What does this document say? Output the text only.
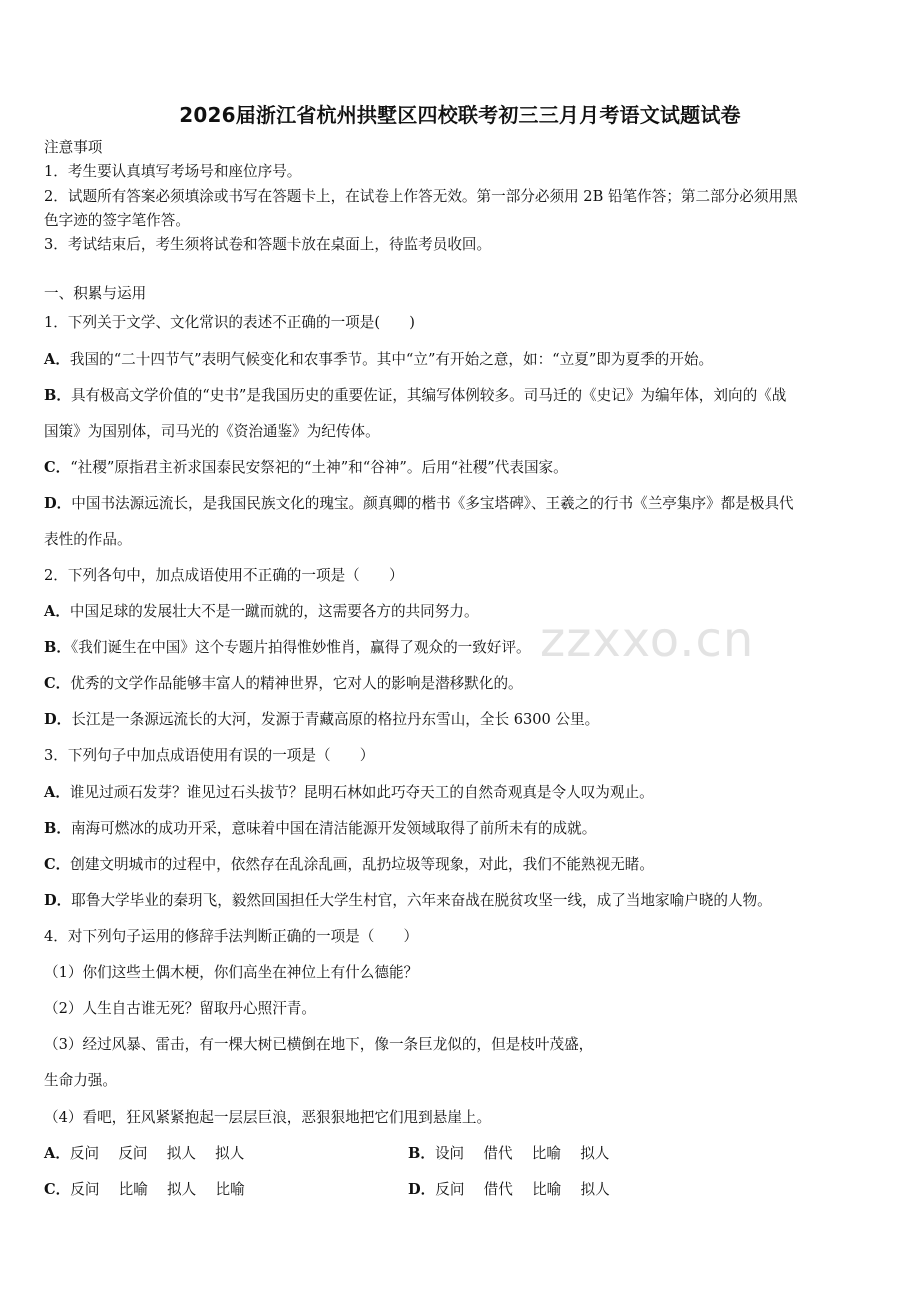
2026届浙江省杭州拱墅区四校联考初三三月月考语文试题试卷
注意事项
1．考生要认真填写考场号和座位序号。
2．试题所有答案必须填涂或书写在答题卡上，在试卷上作答无效。第一部分必须用 2B 铅笔作答；第二部分必须用黑
色字迹的签字笔作答。
3．考试结束后，考生须将试卷和答题卡放在桌面上，待监考员收回。
一、积累与运用
1．下列关于文学、文化常识的表述不正确的一项是(　　)
A．我国的“二十四节气”表明气候变化和农事季节。其中“立”有开始之意，如：“立夏”即为夏季的开始。
B．具有极高文学价值的“史书”是我国历史的重要佐证，其编写体例较多。司马迁的《史记》为编年体，刘向的《战
国策》为国别体，司马光的《资治通鉴》为纪传体。
C．“社稷”原指君主祈求国泰民安祭祀的“土神”和“谷神”。后用“社稷”代表国家。
D．中国书法源远流长，是我国民族文化的瑰宝。颜真卿的楷书《多宝塔碑》、王羲之的行书《兰亭集序》都是极具代
表性的作品。
2．下列各句中，加点成语使用不正确的一项是（　　）
A．中国足球的发展壮大不是一蹴而就的，这需要各方的共同努力。
B．《我们诞生在中国》这个专题片拍得惟妙惟肖，赢得了观众的一致好评。
C．优秀的文学作品能够丰富人的精神世界，它对人的影响是潜移默化的。
D．长江是一条源远流长的大河，发源于青藏高原的格拉丹东雪山，全长 6300 公里。
3．下列句子中加点成语使用有误的一项是（　　）
A．谁见过顽石发芽？谁见过石头拔节？昆明石林如此巧夺天工的自然奇观真是令人叹为观止。
B．南海可燃冰的成功开采，意味着中国在清洁能源开发领域取得了前所未有的成就。
C．创建文明城市的过程中，依然存在乱涂乱画，乱扔垃圾等现象，对此，我们不能熟视无睹。
D．耶鲁大学毕业的秦玥飞，毅然回国担任大学生村官，六年来奋战在脱贫攻坚一线，成了当地家喻户晓的人物。
4．对下列句子运用的修辞手法判断正确的一项是（　　）
（1）你们这些土偶木梗，你们高坐在神位上有什么德能？
（2）人生自古谁无死？留取丹心照汗青。
（3）经过风暴、雷击，有一棵大树已横倒在地下，像一条巨龙似的，但是枝叶茂盛，
生命力强。
（4）看吧，狂风紧紧抱起一层层巨浪，恶狠狠地把它们甩到悬崖上。
A．反问　 反问　 拟人　 拟人	B．设问　 借代　 比喻　 拟人
C．反问　 比喻　 拟人　 比喻	D．反问　 借代　 比喻　 拟人
zzxxo.cn
